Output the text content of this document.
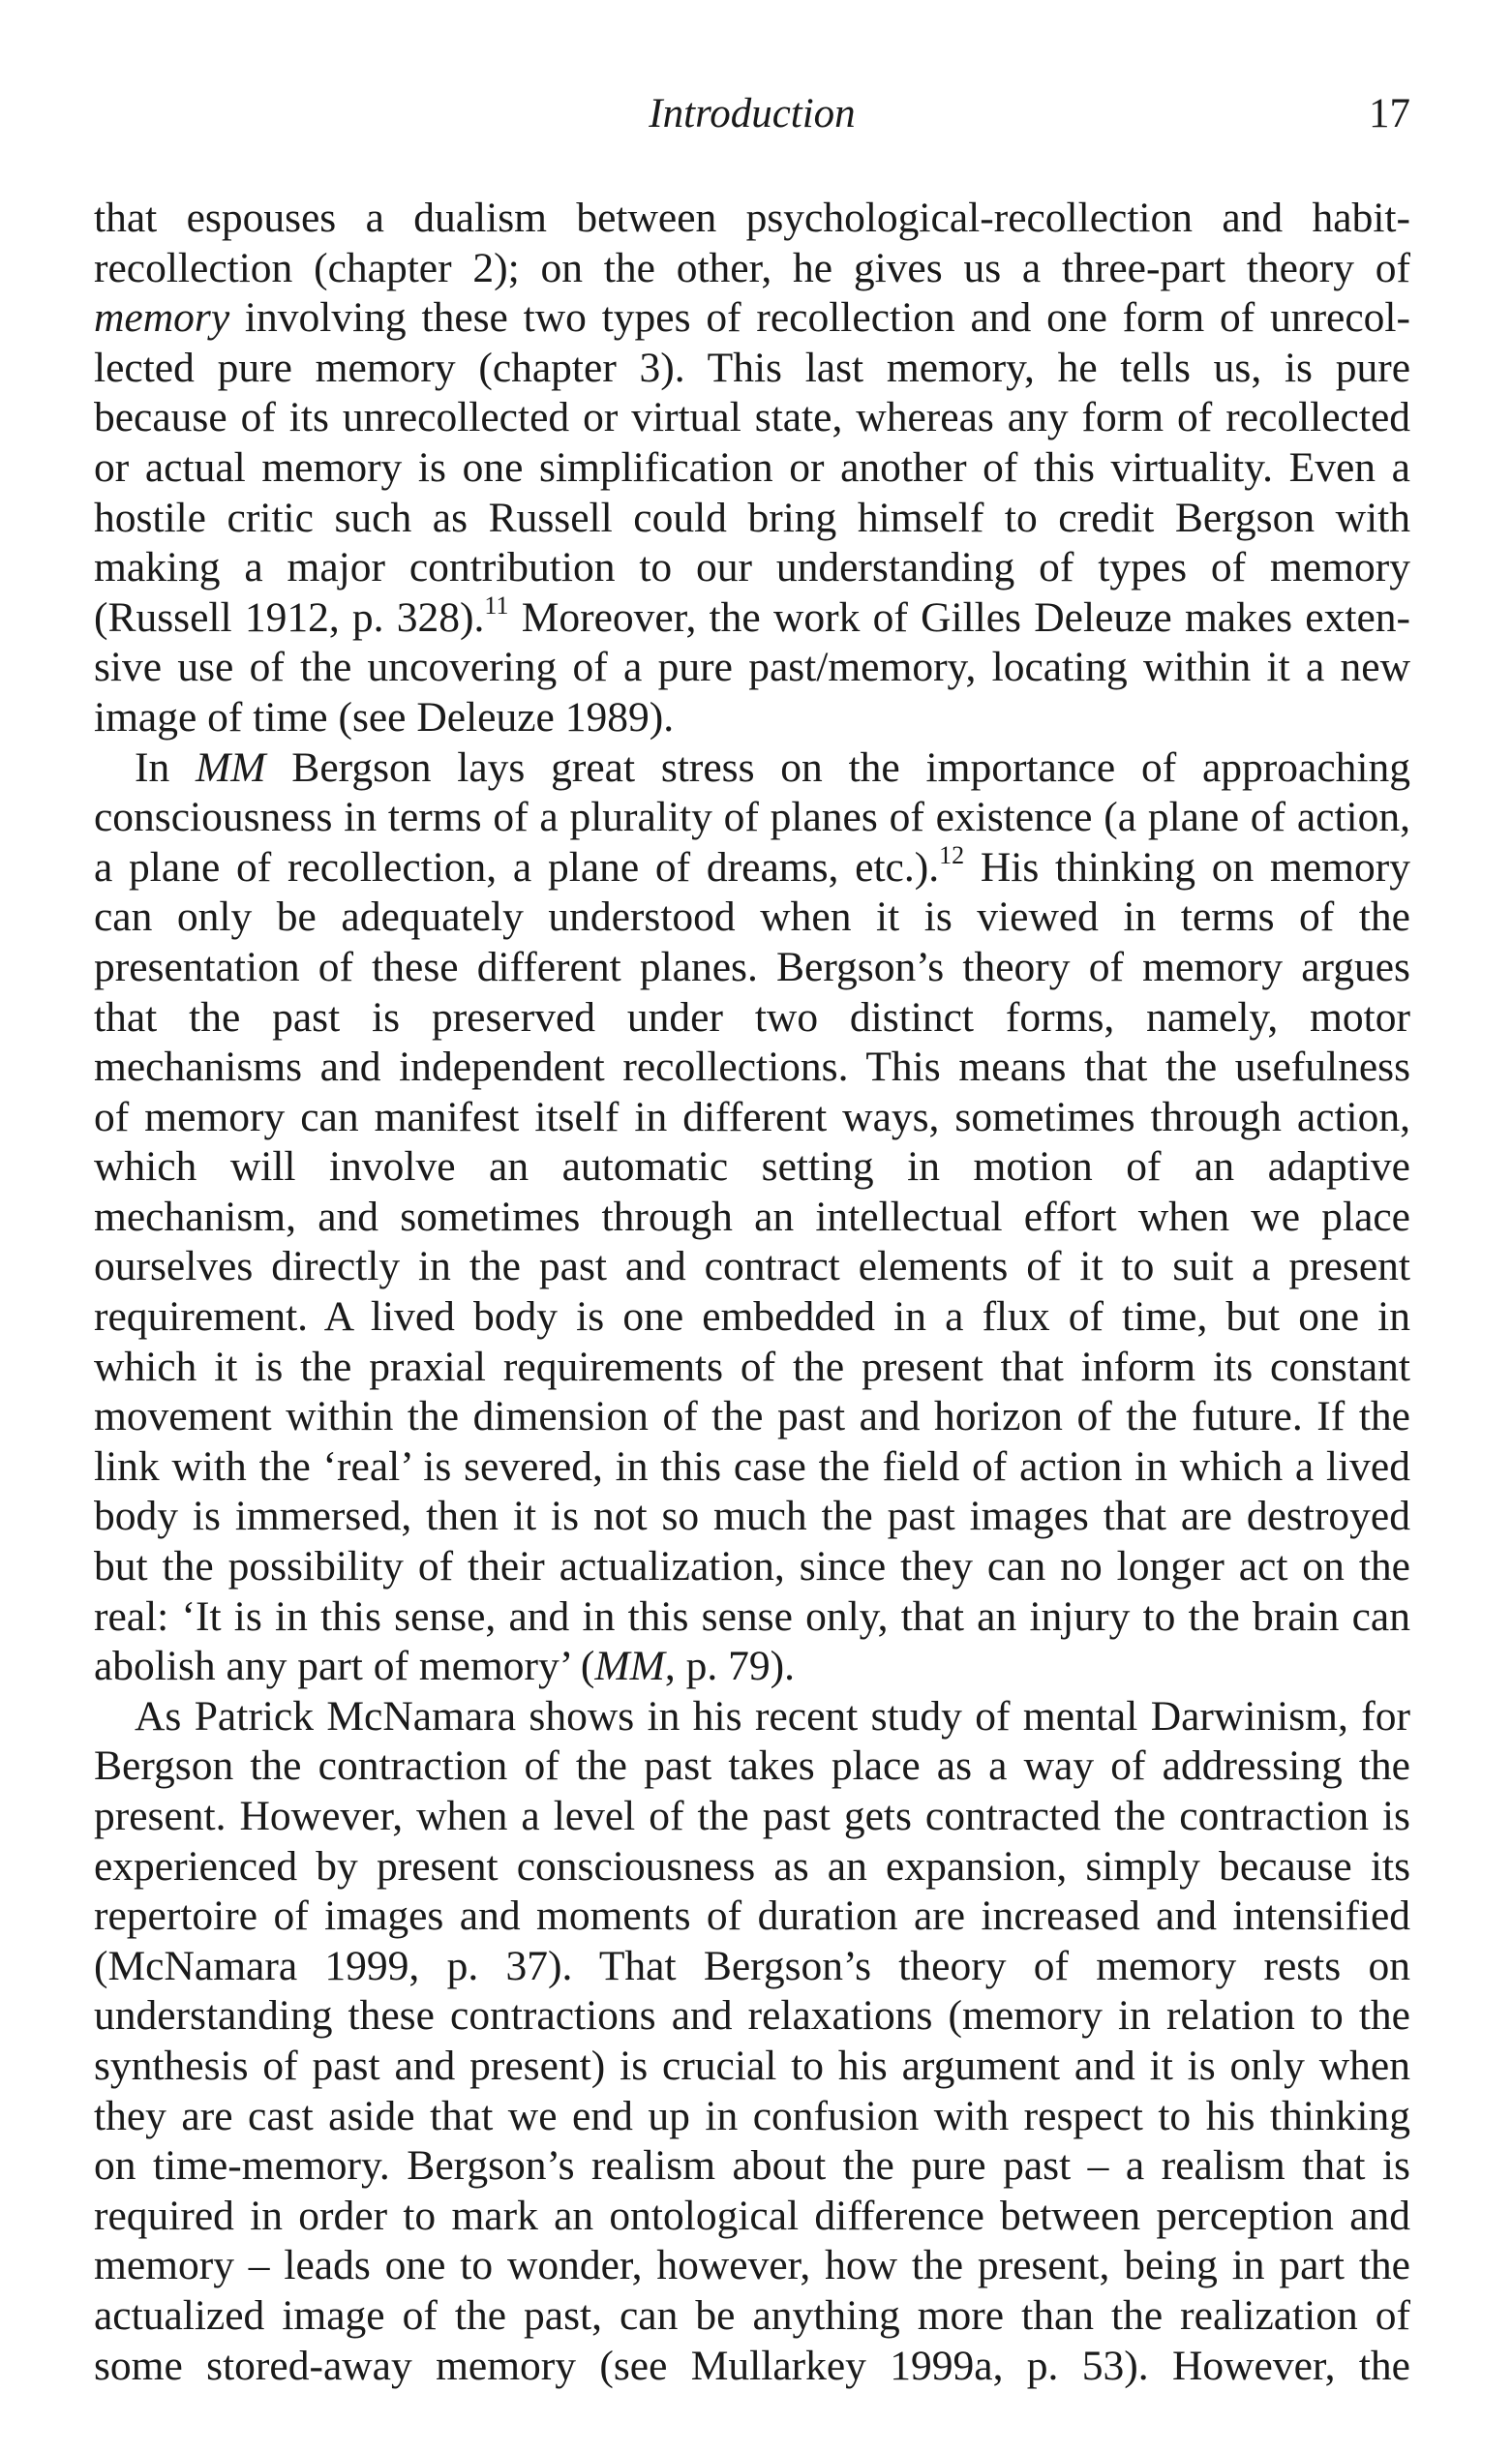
Introduction	17
that espouses a dualism between psychological-recollection and habit-
recollection (chapter 2); on the other, he gives us a three-part theory of
memory involving these two types of recollection and one form of unrecol-
lected pure memory (chapter 3). This last memory, he tells us, is pure
because of its unrecollected or virtual state, whereas any form of recollected
or actual memory is one simplification or another of this virtuality. Even a
hostile critic such as Russell could bring himself to credit Bergson with
making a major contribution to our understanding of types of memory
(Russell 1912, p. 328).$^{11}$ Moreover, the work of Gilles Deleuze makes exten-
sive use of the uncovering of a pure past/memory, locating within it a new
image of time (see Deleuze 1989).
In MM Bergson lays great stress on the importance of approaching
consciousness in terms of a plurality of planes of existence (a plane of action,
a plane of recollection, a plane of dreams, etc.).$^{12}$ His thinking on memory
can only be adequately understood when it is viewed in terms of the
presentation of these different planes. Bergson’s theory of memory argues
that the past is preserved under two distinct forms, namely, motor
mechanisms and independent recollections. This means that the usefulness
of memory can manifest itself in different ways, sometimes through action,
which will involve an automatic setting in motion of an adaptive
mechanism, and sometimes through an intellectual effort when we place
ourselves directly in the past and contract elements of it to suit a present
requirement. A lived body is one embedded in a flux of time, but one in
which it is the praxial requirements of the present that inform its constant
movement within the dimension of the past and horizon of the future. If the
link with the ‘real’ is severed, in this case the field of action in which a lived
body is immersed, then it is not so much the past images that are destroyed
but the possibility of their actualization, since they can no longer act on the
real: ‘It is in this sense, and in this sense only, that an injury to the brain can
abolish any part of memory’ (MM, p. 79).
As Patrick McNamara shows in his recent study of mental Darwinism, for
Bergson the contraction of the past takes place as a way of addressing the
present. However, when a level of the past gets contracted the contraction is
experienced by present consciousness as an expansion, simply because its
repertoire of images and moments of duration are increased and intensified
(McNamara 1999, p. 37). That Bergson’s theory of memory rests on
understanding these contractions and relaxations (memory in relation to the
synthesis of past and present) is crucial to his argument and it is only when
they are cast aside that we end up in confusion with respect to his thinking
on time-memory. Bergson’s realism about the pure past – a realism that is
required in order to mark an ontological difference between perception and
memory – leads one to wonder, however, how the present, being in part the
actualized image of the past, can be anything more than the realization of
some stored-away memory (see Mullarkey 1999a, p. 53). However, the
